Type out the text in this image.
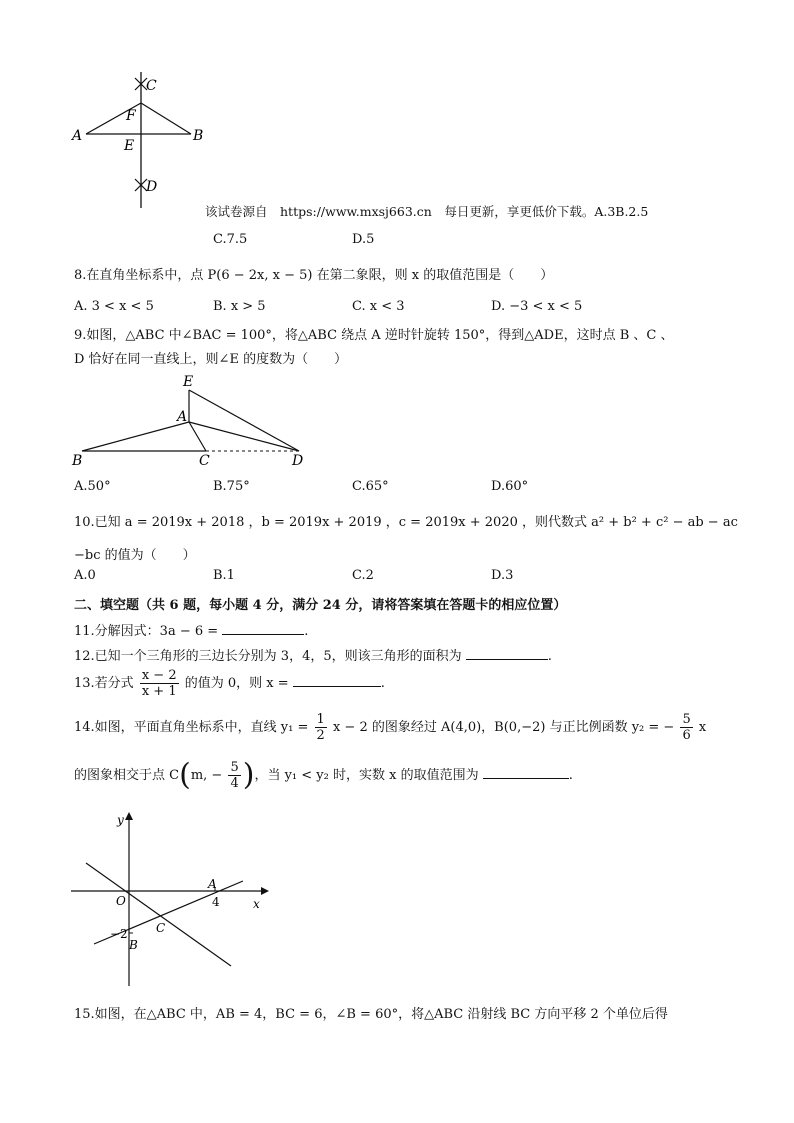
C
F
A	B
E
D
该试卷源自　https://www.mxsj663.cn　每日更新，享更低价下载。A.3B.2.5
C.7.5	D.5
8.在直角坐标系中，点 P(6 − 2x, x − 5) 在第二象限，则 x 的取值范围是（　　）
A. 3 < x < 5	B. x > 5	C. x < 3	D. −3 < x < 5
9.如图，△ABC 中∠BAC = 100°，将△ABC 绕点 A 逆时针旋转 150°，得到△ADE，这时点 B 、C 、
D 恰好在同一直线上，则∠E 的度数为（　　）
E
A
B	C	D
A.50°	B.75°	C.65°	D.60°
10.已知 a = 2019x + 2018 ，b = 2019x + 2019 ，c = 2019x + 2020 ，则代数式 a² + b² + c² − ab − ac
−bc 的值为（　　）
A.0	B.1	C.2	D.3
二、填空题（共 6 题，每小题 4 分，满分 24 分，请将答案填在答题卡的相应位置）
11.分解因式：3a − 6 =	.
12.已知一个三角形的三边长分别为 3，4，5，则该三角形的面积为	.
13.若分式 $\frac{x - 2}{x + 1}$ 的值为 0，则 x =	.
14.如图，平面直角坐标系中，直线 $y_1 = \frac{1}{2}$ x − 2 的图象经过 A(4,0)，B(0,−2) 与正比例函数 y₂ = − $\frac{5}{6}$ x
的图象相交于点 C(m, − $\frac{5}{4}$ )，当 y₁ < y₂ 时，实数 x 的取值范围为	.
y
x
O
A
4
C
−2
B
15.如图，在△ABC 中，AB = 4，BC = 6，∠B = 60°，将△ABC 沿射线 BC 方向平移 2 个单位后得
